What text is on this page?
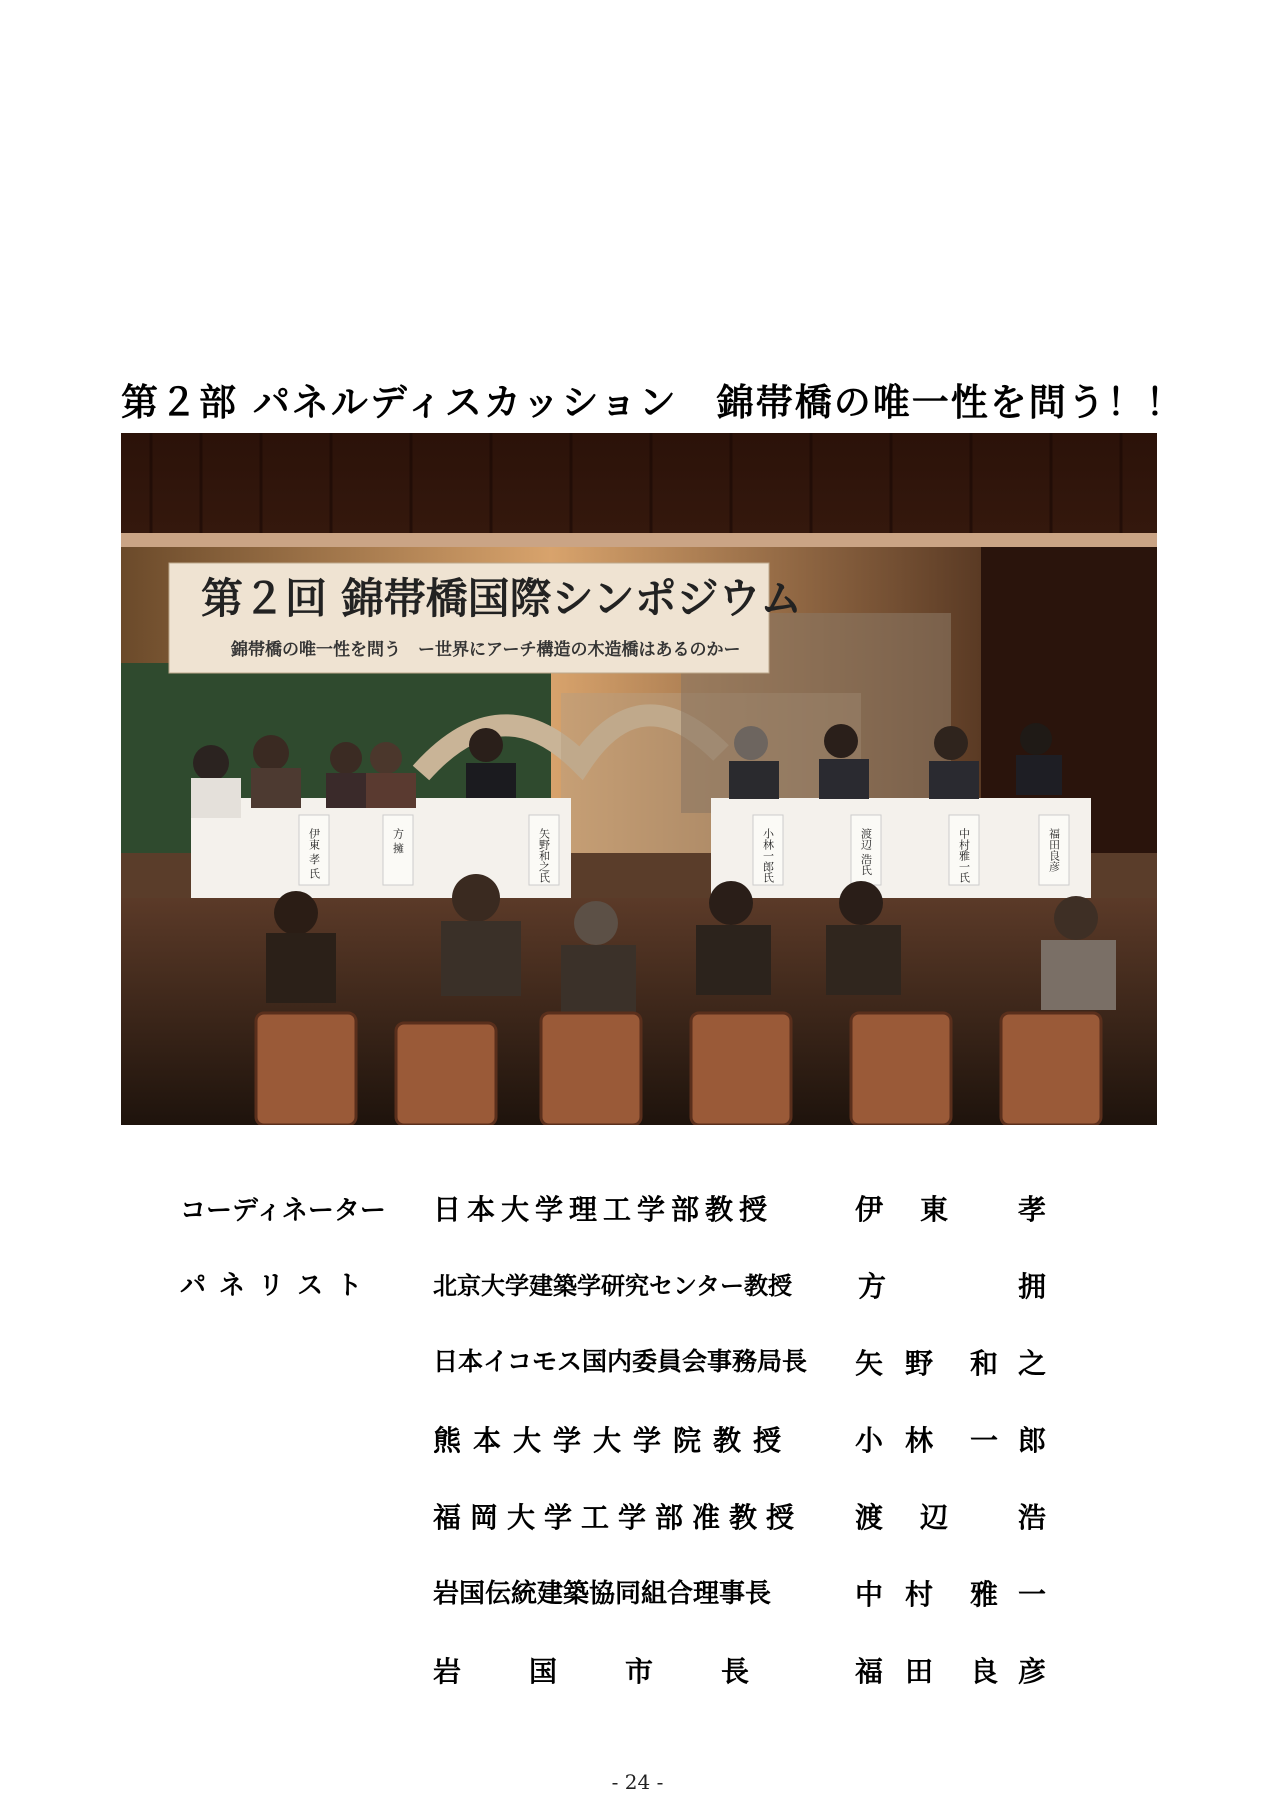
第２部 パネルディスカッション　錦帯橋の唯一性を問う！！
第２回 錦帯橋国際シンポジウム
錦帯橋の唯一性を問う　ー世界にアーチ構造の木造橋はあるのかー
伊東 孝 氏	方 擁	矢野和之氏	小林一郎氏	渡辺 浩氏	中村雅一氏	福田良彦
コーディネーター 日本大学理工学部教授	伊 東 孝
パ ネ リ ス ト	北京大学建築学研究センター教授	方	拥
日本イコモス国内委員会事務局長	矢 野 和 之
熊本大学大学院教授	小 林 一 郎
福岡大学工学部准教授	渡 辺 浩
岩国伝統建築協同組合理事長	中 村 雅 一
岩　　国　　市　　長	福 田 良 彦
- 24 -
